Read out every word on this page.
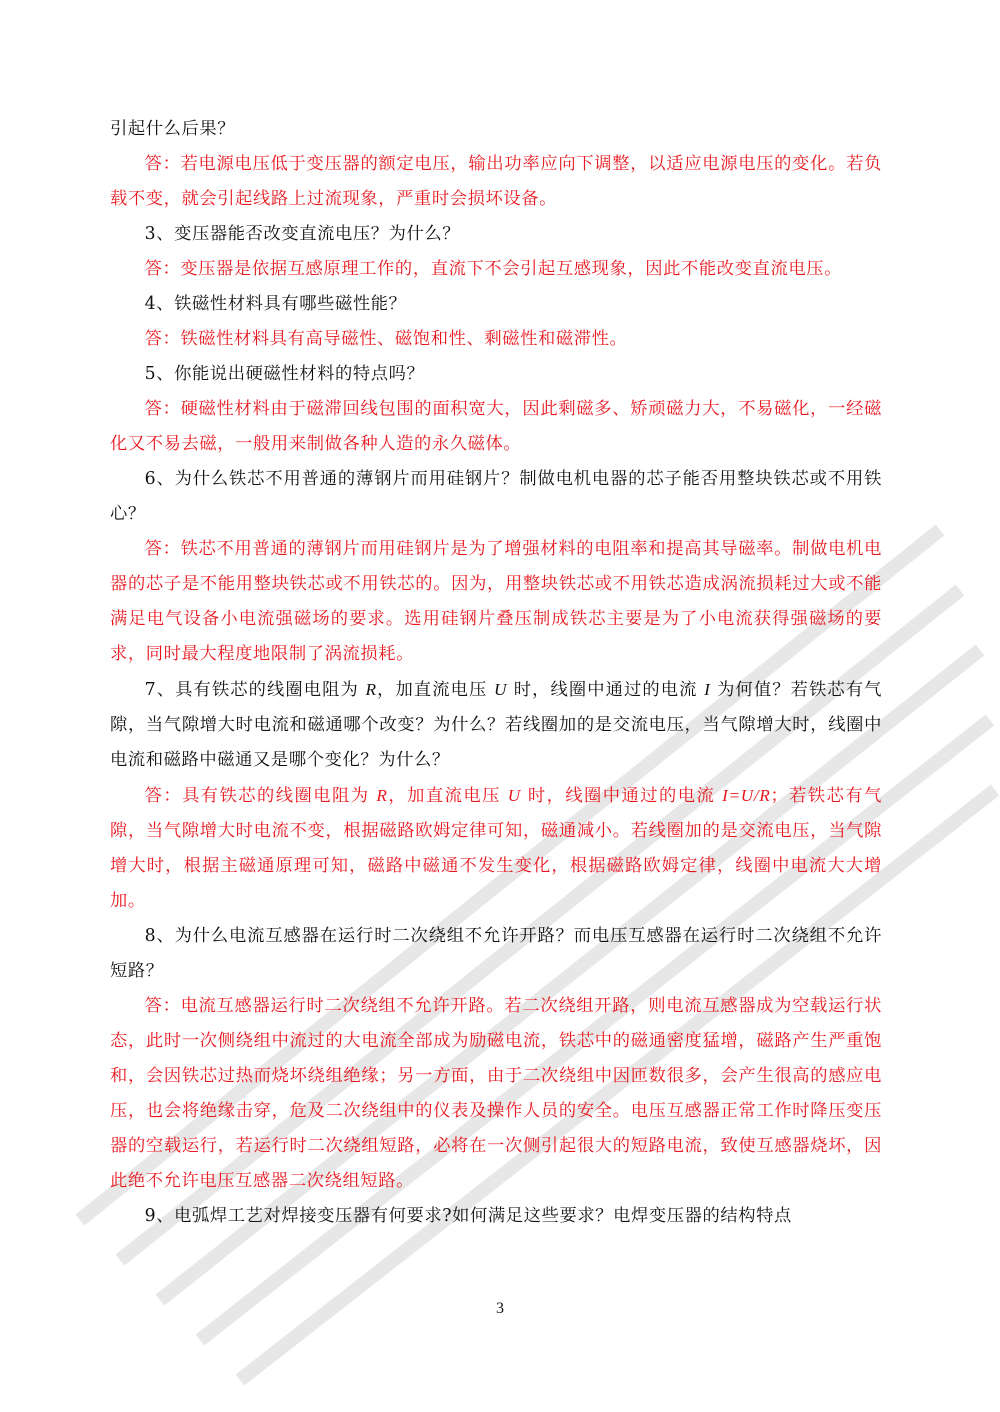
引起什么后果？

答：若电源电压低于变压器的额定电压，输出功率应向下调整，以适应电源电压的变化。若负载不变，就会引起线路上过流现象，严重时会损坏设备。

3、变压器能否改变直流电压？为什么？

答：变压器是依据互感原理工作的，直流下不会引起互感现象，因此不能改变直流电压。

4、铁磁性材料具有哪些磁性能？

答：铁磁性材料具有高导磁性、磁饱和性、剩磁性和磁滞性。

5、你能说出硬磁性材料的特点吗？

答：硬磁性材料由于磁滞回线包围的面积宽大，因此剩磁多、矫顽磁力大，不易磁化，一经磁化又不易去磁，一般用来制做各种人造的永久磁体。

6、为什么铁芯不用普通的薄钢片而用硅钢片？制做电机电器的芯子能否用整块铁芯或不用铁心？

答：铁芯不用普通的薄钢片而用硅钢片是为了增强材料的电阻率和提高其导磁率。制做电机电器的芯子是不能用整块铁芯或不用铁芯的。因为，用整块铁芯或不用铁芯造成涡流损耗过大或不能满足电气设备小电流强磁场的要求。选用硅钢片叠压制成铁芯主要是为了小电流获得强磁场的要求，同时最大程度地限制了涡流损耗。

7、具有铁芯的线圈电阻为 R，加直流电压 U 时，线圈中通过的电流 I 为何值？若铁芯有气隙，当气隙增大时电流和磁通哪个改变？为什么？若线圈加的是交流电压，当气隙增大时，线圈中电流和磁路中磁通又是哪个变化？为什么？

答：具有铁芯的线圈电阻为 R，加直流电压 U 时，线圈中通过的电流 I=U/R；若铁芯有气隙，当气隙增大时电流不变，根据磁路欧姆定律可知，磁通减小。若线圈加的是交流电压，当气隙增大时，根据主磁通原理可知，磁路中磁通不发生变化，根据磁路欧姆定律，线圈中电流大大增加。

8、为什么电流互感器在运行时二次绕组不允许开路？而电压互感器在运行时二次绕组不允许短路？

答：电流互感器运行时二次绕组不允许开路。若二次绕组开路，则电流互感器成为空载运行状态，此时一次侧绕组中流过的大电流全部成为励磁电流，铁芯中的磁通密度猛增，磁路产生严重饱和，会因铁芯过热而烧坏绕组绝缘；另一方面，由于二次绕组中因匝数很多，会产生很高的感应电压，也会将绝缘击穿，危及二次绕组中的仪表及操作人员的安全。电压互感器正常工作时降压变压器的空载运行，若运行时二次绕组短路，必将在一次侧引起很大的短路电流，致使互感器烧坏，因此绝不允许电压互感器二次绕组短路。

9、电弧焊工艺对焊接变压器有何要求?如何满足这些要求？电焊变压器的结构特点

3
